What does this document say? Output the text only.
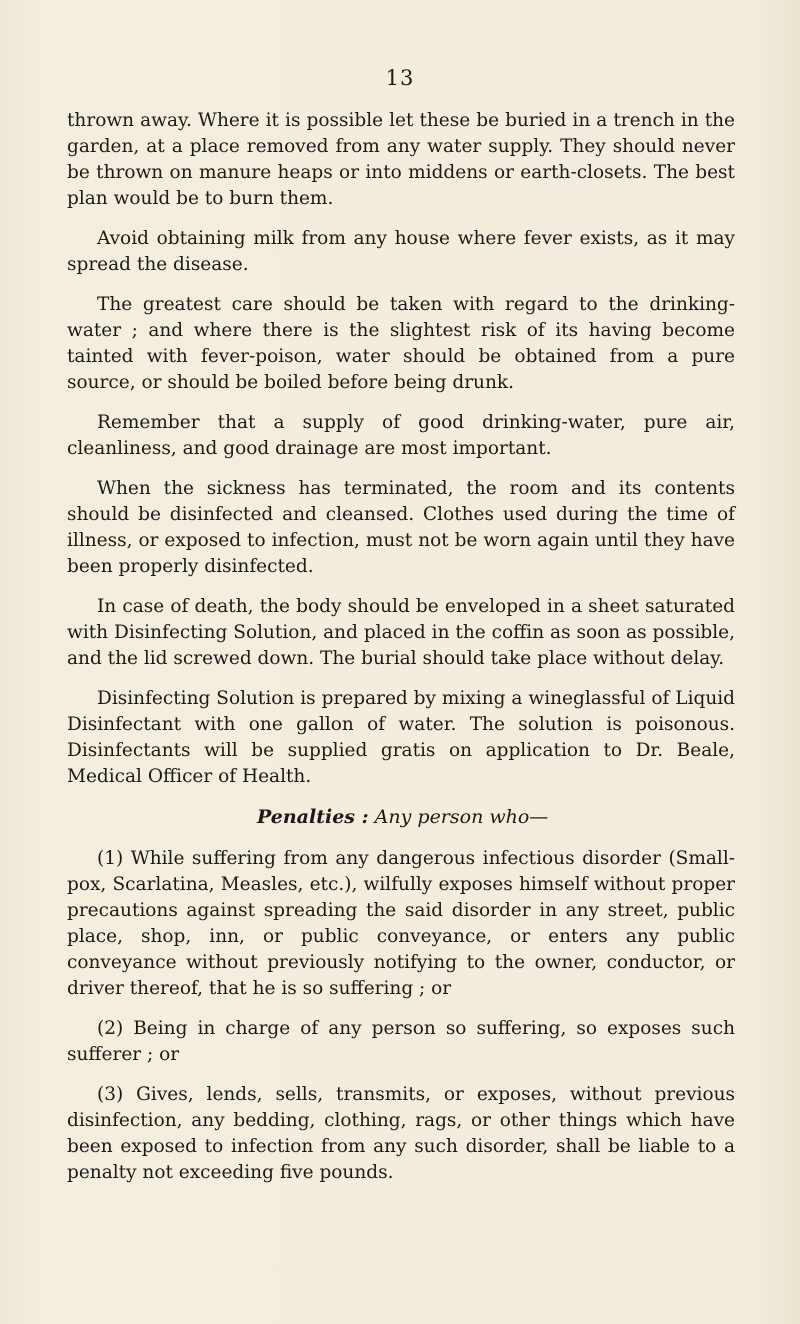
13

thrown away. Where it is possible let these be buried in a trench in the garden, at a place removed from any water supply. They should never be thrown on manure heaps or into middens or earth-closets. The best plan would be to burn them.

Avoid obtaining milk from any house where fever exists, as it may spread the disease.

The greatest care should be taken with regard to the drinking-water ; and where there is the slightest risk of its having become tainted with fever-poison, water should be obtained from a pure source, or should be boiled before being drunk.

Remember that a supply of good drinking-water, pure air, cleanliness, and good drainage are most important.

When the sickness has terminated, the room and its contents should be disinfected and cleansed. Clothes used during the time of illness, or exposed to infection, must not be worn again until they have been properly disinfected.

In case of death, the body should be enveloped in a sheet saturated with Disinfecting Solution, and placed in the coffin as soon as possible, and the lid screwed down. The burial should take place without delay.

Disinfecting Solution is prepared by mixing a wineglassful of Liquid Disinfectant with one gallon of water. The solution is poisonous. Disinfectants will be supplied gratis on application to Dr. Beale, Medical Officer of Health.

Penalties : Any person who—

(1) While suffering from any dangerous infectious disorder (Small-pox, Scarlatina, Measles, etc.), wilfully exposes himself without proper precautions against spreading the said disorder in any street, public place, shop, inn, or public conveyance, or enters any public conveyance without previously notifying to the owner, conductor, or driver thereof, that he is so suffering ; or

(2) Being in charge of any person so suffering, so exposes such sufferer ; or

(3) Gives, lends, sells, transmits, or exposes, without previous disinfection, any bedding, clothing, rags, or other things which have been exposed to infection from any such disorder, shall be liable to a penalty not exceeding five pounds.
